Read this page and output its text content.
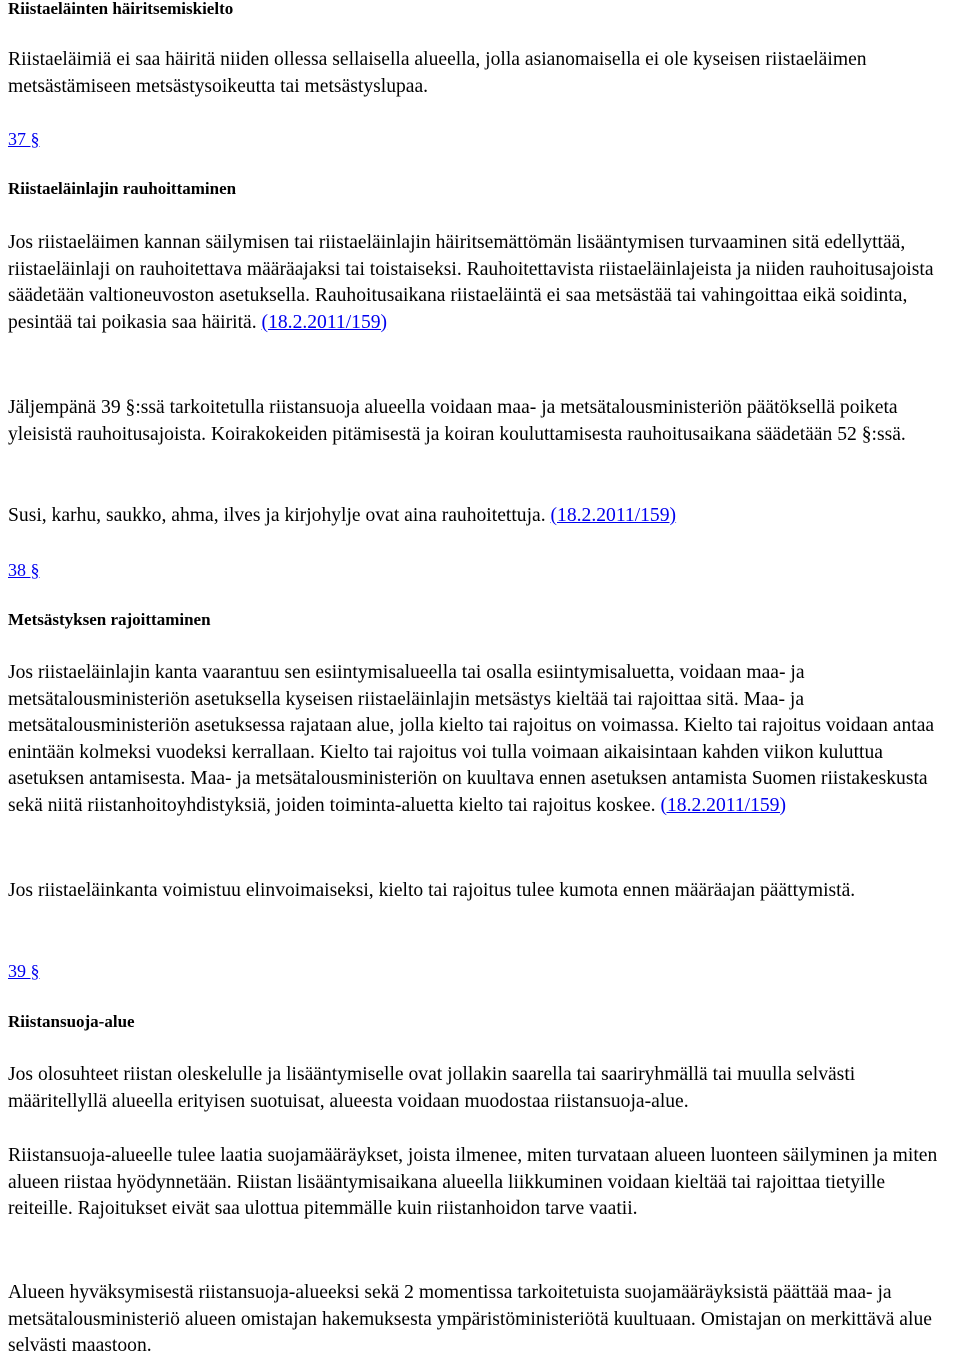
Riistaeläinten häiritsemiskielto

Riistaeläimiä ei saa häiritä niiden ollessa sellaisella alueella, jolla asianomaisella ei ole kyseisen riistaeläimen metsästämiseen metsästysoikeutta tai metsästyslupaa.

37 §
Riistaeläinlajin rauhoittaminen

Jos riistaeläimen kannan säilymisen tai riistaeläinlajin häiritsemättömän lisääntymisen turvaaminen sitä edellyttää, riistaeläinlaji on rauhoitettava määräajaksi tai toistaiseksi. Rauhoitettavista riistaeläinlajeista ja niiden rauhoitusajoista säädetään valtioneuvoston asetuksella. Rauhoitusaikana riistaeläintä ei saa metsästää tai vahingoittaa eikä soidinta, pesintää tai poikasia saa häiritä. (18.2.2011/159)

Jäljempänä 39 §:ssä tarkoitetulla riistansuoja alueella voidaan maa- ja metsätalousministeriön päätöksellä poiketa yleisistä rauhoitusajoista. Koirakokeiden pitämisestä ja koiran kouluttamisesta rauhoitusaikana säädetään 52 §:ssä.

Susi, karhu, saukko, ahma, ilves ja kirjohylje ovat aina rauhoitettuja. (18.2.2011/159)

38 §
Metsästyksen rajoittaminen

Jos riistaeläinlajin kanta vaarantuu sen esiintymisalueella tai osalla esiintymisaluetta, voidaan maa- ja metsätalousministeriön asetuksella kyseisen riistaeläinlajin metsästys kieltää tai rajoittaa sitä. Maa- ja metsätalousministeriön asetuksessa rajataan alue, jolla kielto tai rajoitus on voimassa. Kielto tai rajoitus voidaan antaa enintään kolmeksi vuodeksi kerrallaan. Kielto tai rajoitus voi tulla voimaan aikaisintaan kahden viikon kuluttua asetuksen antamisesta. Maa- ja metsätalousministeriön on kuultava ennen asetuksen antamista Suomen riistakeskusta sekä niitä riistanhoitoyhdistyksiä, joiden toiminta-aluetta kielto tai rajoitus koskee. (18.2.2011/159)

Jos riistaeläinkanta voimistuu elinvoimaiseksi, kielto tai rajoitus tulee kumota ennen määräajan päättymistä.

39 §
Riistansuoja-alue

Jos olosuhteet riistan oleskelulle ja lisääntymiselle ovat jollakin saarella tai saariryhmällä tai muulla selvästi määritellyllä alueella erityisen suotuisat, alueesta voidaan muodostaa riistansuoja-alue.

Riistansuoja-alueelle tulee laatia suojamääräykset, joista ilmenee, miten turvataan alueen luonteen säilyminen ja miten alueen riistaa hyödynnetään. Riistan lisääntymisaikana alueella liikkuminen voidaan kieltää tai rajoittaa tietyille reiteille. Rajoitukset eivät saa ulottua pitemmälle kuin riistanhoidon tarve vaatii.

Alueen hyväksymisestä riistansuoja-alueeksi sekä 2 momentissa tarkoitetuista suojamääräyksistä päättää maa- ja metsätalousministeriö alueen omistajan hakemuksesta ympäristöministeriötä kuultuaan. Omistajan on merkittävä alue selvästi maastoon.
